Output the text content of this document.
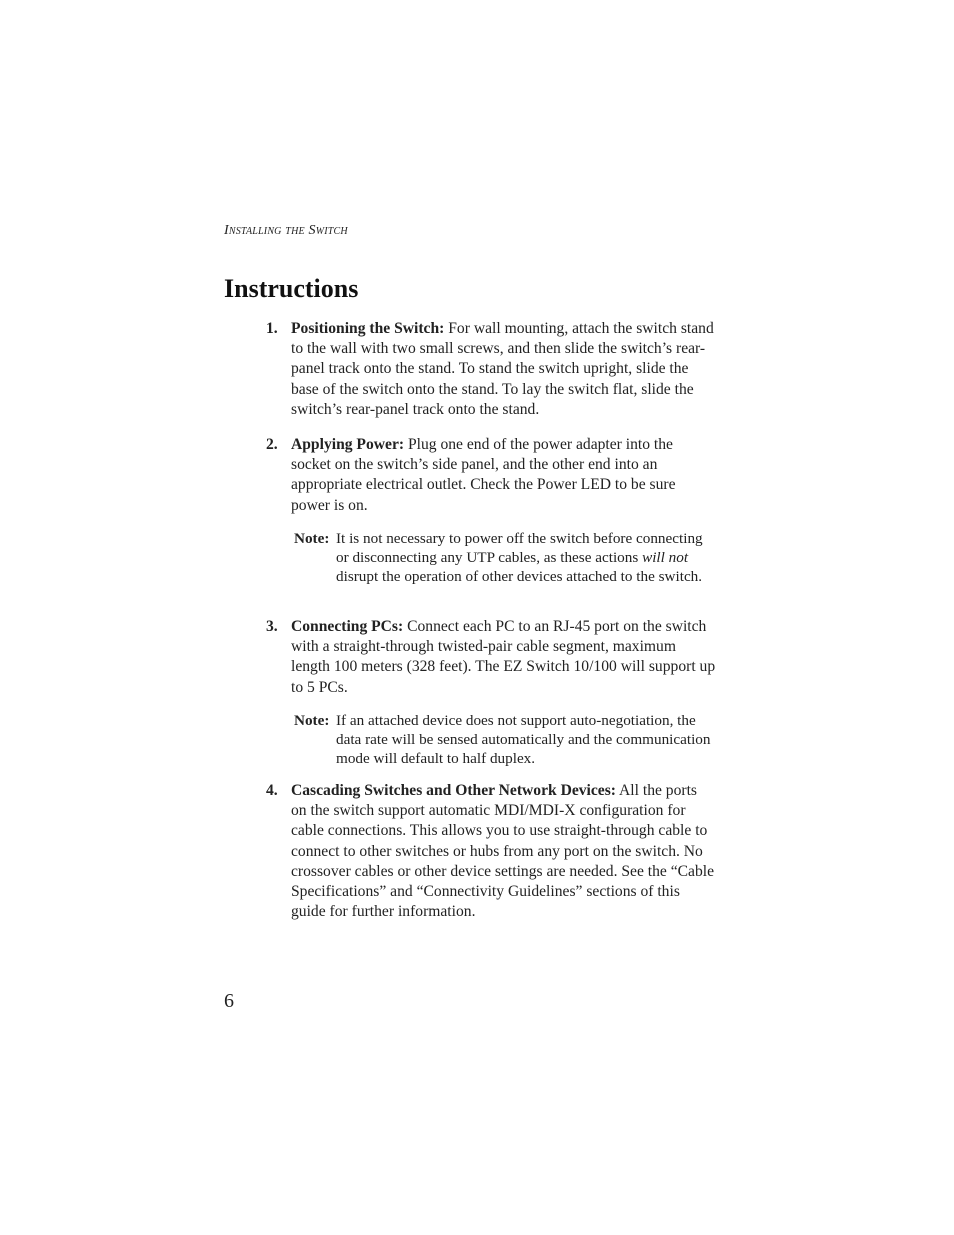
Installing the Switch
Instructions
1. Positioning the Switch: For wall mounting, attach the switch stand to the wall with two small screws, and then slide the switch’s rear-panel track onto the stand. To stand the switch upright, slide the base of the switch onto the stand. To lay the switch flat, slide the switch’s rear-panel track onto the stand.
2. Applying Power: Plug one end of the power adapter into the socket on the switch’s side panel, and the other end into an appropriate electrical outlet. Check the Power LED to be sure power is on.
Note: It is not necessary to power off the switch before connecting or disconnecting any UTP cables, as these actions will not disrupt the operation of other devices attached to the switch.
3. Connecting PCs: Connect each PC to an RJ-45 port on the switch with a straight-through twisted-pair cable segment, maximum length 100 meters (328 feet). The EZ Switch 10/100 will support up to 5 PCs.
Note: If an attached device does not support auto-negotiation, the data rate will be sensed automatically and the communication mode will default to half duplex.
4. Cascading Switches and Other Network Devices: All the ports on the switch support automatic MDI/MDI-X configuration for cable connections. This allows you to use straight-through cable to connect to other switches or hubs from any port on the switch. No crossover cables or other device settings are needed. See the “Cable Specifications” and “Connectivity Guidelines” sections of this guide for further information.
6
